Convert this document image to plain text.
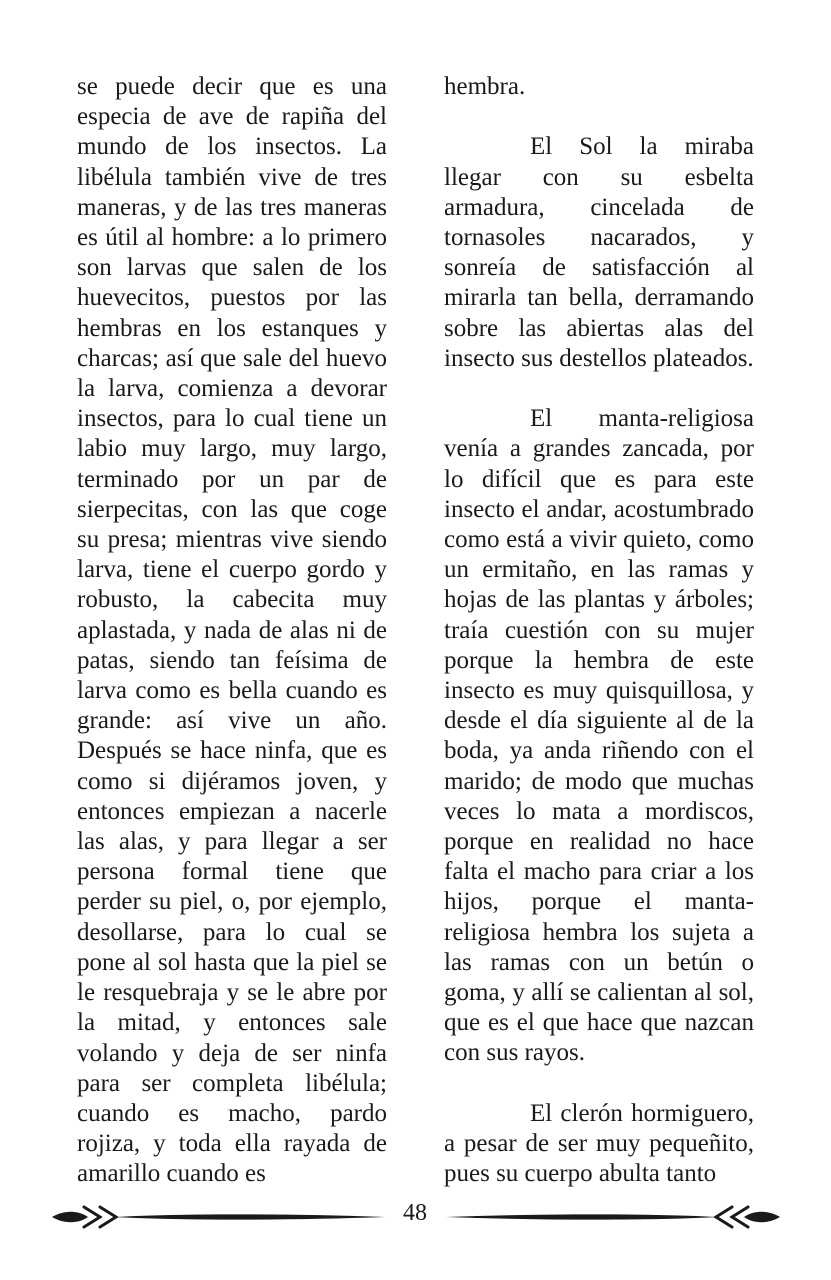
se puede decir que es una especia de ave de rapiña del mundo de los insectos. La libélula también vive de tres maneras, y de las tres maneras es útil al hombre: a lo primero son larvas que salen de los huevecitos, puestos por las hembras en los estanques y charcas; así que sale del huevo la larva, comienza a devorar insectos, para lo cual tiene un labio muy largo, muy largo, terminado por un par de sierpecitas, con las que coge su presa; mientras vive siendo larva, tiene el cuerpo gordo y robusto, la cabecita muy aplastada, y nada de alas ni de patas, siendo tan feísima de larva como es bella cuando es grande: así vive un año. Después se hace ninfa, que es como si dijéramos joven, y entonces empiezan a nacerle las alas, y para llegar a ser persona formal tiene que perder su piel, o, por ejemplo, desollarse, para lo cual se pone al sol hasta que la piel se le resquebraja y se le abre por la mitad, y entonces sale volando y deja de ser ninfa para ser completa libélula; cuando es macho, pardo rojiza, y toda ella rayada de amarillo cuando es

hembra.

El Sol la miraba llegar con su esbelta armadura, cincelada de tornasoles nacarados, y sonreía de satisfacción al mirarla tan bella, derramando sobre las abiertas alas del insecto sus destellos plateados.

El manta-religiosa venía a grandes zancada, por lo difícil que es para este insecto el andar, acostumbrado como está a vivir quieto, como un ermitaño, en las ramas y hojas de las plantas y árboles; traía cuestión con su mujer porque la hembra de este insecto es muy quisquillosa, y desde el día siguiente al de la boda, ya anda riñendo con el marido; de modo que muchas veces lo mata a mordiscos, porque en realidad no hace falta el macho para criar a los hijos, porque el manta-religiosa hembra los sujeta a las ramas con un betún o goma, y allí se calientan al sol, que es el que hace que nazcan con sus rayos.

El clerón hormiguero, a pesar de ser muy pequeñito, pues su cuerpo abulta tanto

48
